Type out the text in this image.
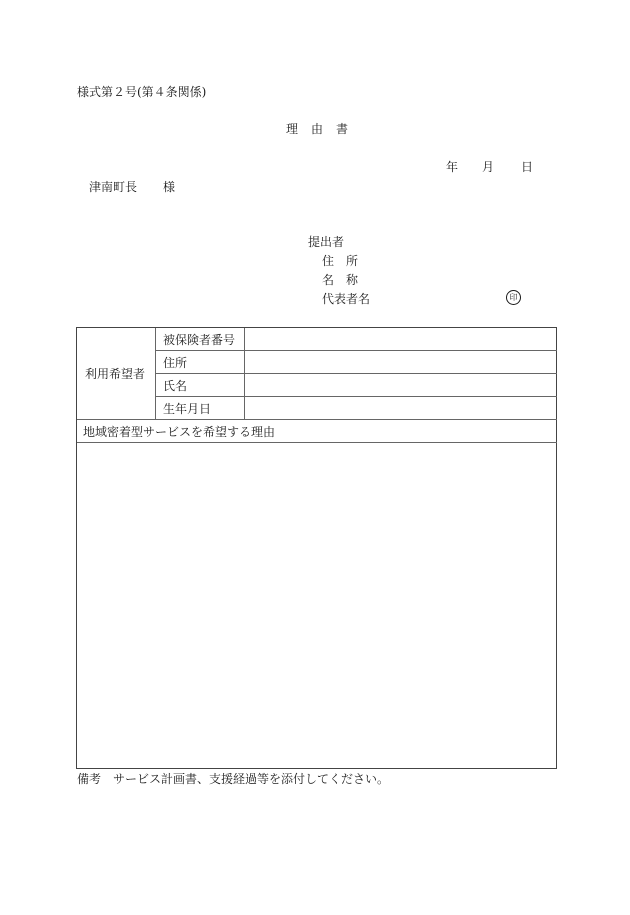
様式第２号(第４条関係)
理由書
年 月 日
津南町長 様
提出者
住所
名称
代表者名	印
利用希望者
被保険者番号
住所
氏名
生年月日
地域密着型サービスを希望する理由
備考　サービス計画書、支援経過等を添付してください。
